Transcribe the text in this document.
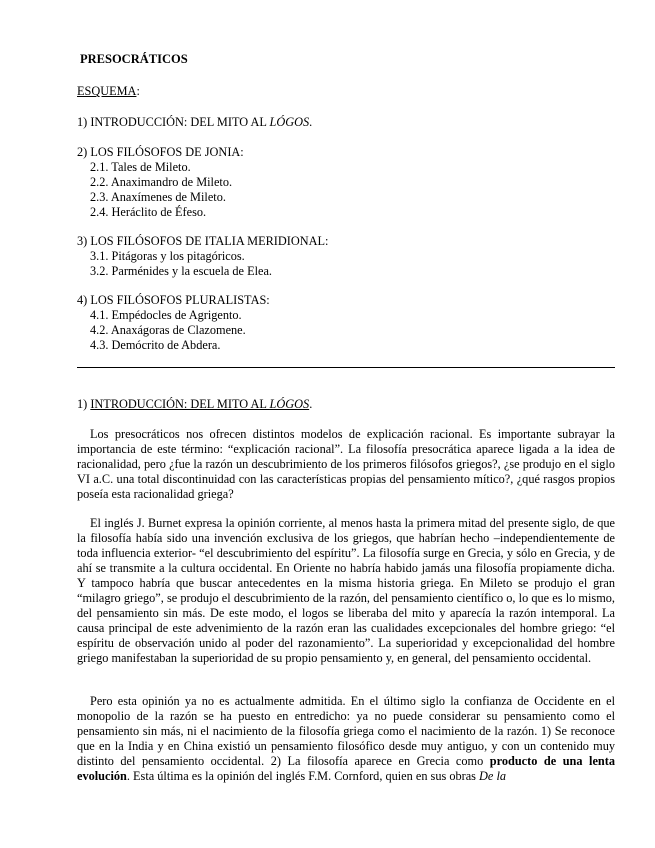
PRESOCRÁTICOS
ESQUEMA:
1) INTRODUCCIÓN: DEL MITO AL LÓGOS.
2) LOS FILÓSOFOS DE JONIA:
2.1. Tales de Mileto.
2.2. Anaximandro de Mileto.
2.3. Anaxímenes de Mileto.
2.4. Heráclito de Éfeso.
3) LOS FILÓSOFOS DE ITALIA MERIDIONAL:
3.1. Pitágoras y los pitagóricos.
3.2. Parménides y la escuela de Elea.
4) LOS FILÓSOFOS PLURALISTAS:
4.1. Empédocles de Agrigento.
4.2. Anaxágoras de Clazomene.
4.3. Demócrito de Abdera.
1) INTRODUCCIÓN: DEL MITO AL LÓGOS.
Los presocráticos nos ofrecen distintos modelos de explicación racional. Es importante subrayar la importancia de este término: “explicación racional”. La filosofía presocrática aparece ligada a la idea de racionalidad, pero ¿fue la razón un descubrimiento de los primeros filósofos griegos?, ¿se produjo en el siglo VI a.C. una total discontinuidad con las características propias del pensamiento mítico?, ¿qué rasgos propios poseía esta racionalidad griega?
El inglés J. Burnet expresa la opinión corriente, al menos hasta la primera mitad del presente siglo, de que la filosofía había sido una invención exclusiva de los griegos, que habrían hecho –independientemente de toda influencia exterior- “el descubrimiento del espíritu”. La filosofía surge en Grecia, y sólo en Grecia, y de ahí se transmite a la cultura occidental. En Oriente no habría habido jamás una filosofía propiamente dicha. Y tampoco habría que buscar antecedentes en la misma historia griega. En Mileto se produjo el gran “milagro griego”, se produjo el descubrimiento de la razón, del pensamiento científico o, lo que es lo mismo, del pensamiento sin más. De este modo, el logos se liberaba del mito y aparecía la razón intemporal. La causa principal de este advenimiento de la razón eran las cualidades excepcionales del hombre griego: “el espíritu de observación unido al poder del razonamiento”. La superioridad y excepcionalidad del hombre griego manifestaban la superioridad de su propio pensamiento y, en general, del pensamiento occidental.
Pero esta opinión ya no es actualmente admitida. En el último siglo la confianza de Occidente en el monopolio de la razón se ha puesto en entredicho: ya no puede considerar su pensamiento como el pensamiento sin más, ni el nacimiento de la filosofía griega como el nacimiento de la razón. 1) Se reconoce que en la India y en China existió un pensamiento filosófico desde muy antiguo, y con un contenido muy distinto del pensamiento occidental. 2) La filosofía aparece en Grecia como producto de una lenta evolución. Esta última es la opinión del inglés F.M. Cornford, quien en sus obras De la
